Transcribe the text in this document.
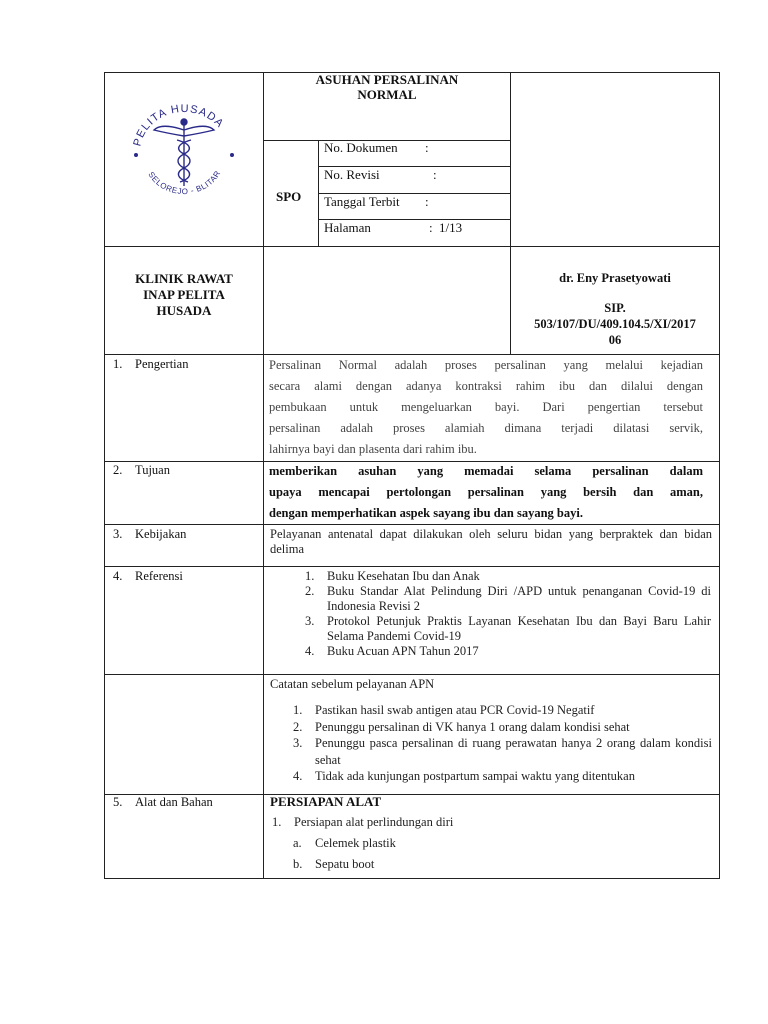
PELITA HUSADA
SELOREJO - BLITAR
ASUHAN PERSALINAN
NORMAL
SPO
No. Dokumen :
No. Revisi	:
Tanggal Terbit :
Halaman	: 1/13
KLINIK RAWAT
INAP PELITA
HUSADA
dr. Eny Prasetyowati
SIP.
503/107/DU/409.104.5/XI/2017
06
1. Pengertian	Persalinan Normal adalah proses persalinan yang melalui kejadian
secara alami dengan adanya kontraksi rahim ibu dan dilalui dengan
pembukaan untuk mengeluarkan bayi. Dari pengertian tersebut
persalinan adalah proses alamiah dimana terjadi dilatasi servik,
lahirnya bayi dan plasenta dari rahim ibu.
2. Tujuan	memberikan asuhan yang memadai selama persalinan dalam
upaya mencapai pertolongan persalinan yang bersih dan aman,
dengan memperhatikan aspek sayang ibu dan sayang bayi.
3. Kebijakan	Pelayanan antenatal dapat dilakukan oleh seluru bidan yang berpraktek dan bidan delima
4. Referensi	1. Buku Kesehatan Ibu dan Anak
2. Buku Standar Alat Pelindung Diri /APD untuk penanganan Covid-19 di Indonesia Revisi 2
3. Protokol Petunjuk Praktis Layanan Kesehatan Ibu dan Bayi Baru Lahir Selama Pandemi Covid-19
4. Buku Acuan APN Tahun 2017
Catatan sebelum pelayanan APN
1. Pastikan hasil swab antigen atau PCR Covid-19 Negatif
2. Penunggu persalinan di VK hanya 1 orang dalam kondisi sehat
3. Penunggu pasca persalinan di ruang perawatan hanya 2 orang dalam kondisi sehat
4. Tidak ada kunjungan postpartum sampai waktu yang ditentukan
5. Alat dan Bahan	PERSIAPAN ALAT
1. Persiapan alat perlindungan diri
a. Celemek plastik
b. Sepatu boot
